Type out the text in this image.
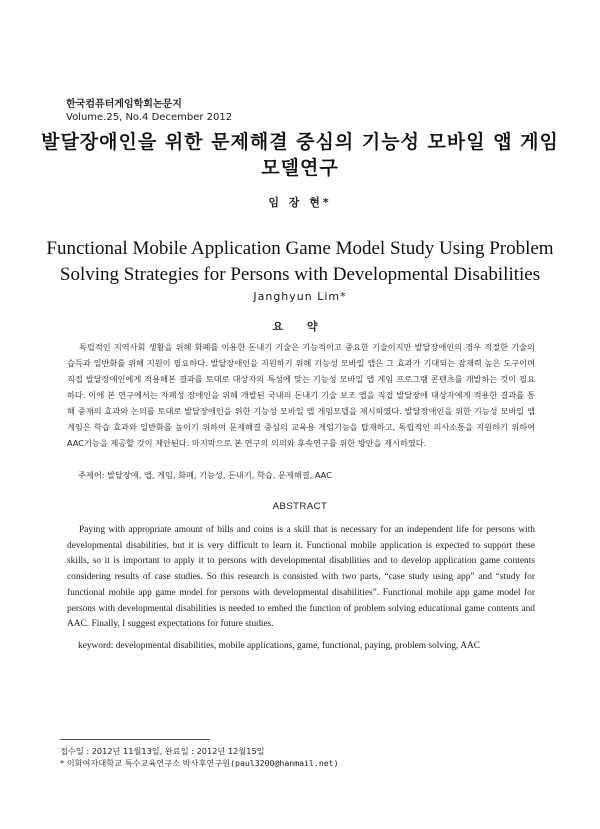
한국컴퓨터게임학회논문지
Volume.25, No.4 December 2012
발달장애인을 위한 문제해결 중심의 기능성 모바일 앱 게임모델연구
임 장 현*
Functional Mobile Application Game Model Study Using Problem Solving Strategies for Persons with Developmental Disabilities
Janghyun Lim*
요 약
독립적인 지역사회 생활을 위해 화폐를 이용한 돈내기 기술은 기능적이고 중요한 기술이지만 발달장애인의 경우 적절한 기술의 습득과 일반화를 위해 지원이 필요하다. 발달장애인을 지원하기 위해 기능성 모바일 앱은 그 효과가 기대되는 잠재력 높은 도구이며 직접 발달장애인에게 적용해본 결과를 토대로 대상자의 특성에 맞는 기능성 모바일 앱 게임 프로그램 콘텐츠를 개발하는 것이 필요하다. 이에 본 연구에서는 자폐성 장애인을 위해 개발된 국내의 돈내기 기술 보조 앱을 직접 발달장애 대상자에게 적용한 결과를 통해 중재의 효과와 논의를 토대로 발달장애인을 위한 기능성 모바일 앱 게임모델을 제시하였다. 발달장애인을 위한 기능성 모바일 앱 게임은 학습 효과와 일반화를 높이기 위하여 문제해결 중심의 교육용 게임기능을 탑재하고, 독립적인 의사소통을 지원하기 위하여 AAC기능을 제공할 것이 제안된다. 마지막으로 본 연구의 의의와 후속연구를 위한 방안을 제시하였다.
주제어: 발달장애, 앱, 게임, 화폐, 기능성, 돈내기, 학습, 문제해결, AAC
ABSTRACT
Paying with appropriate amount of bills and coins is a skill that is necessary for an independent life for persons with developmental disabilities, but it is very difficult to learn it. Functional mobile application is expected to support these skills, so it is important to apply it to persons with developmental disabilities and to develop application game contents considering results of case studies. So this research is consisted with two parts, “case study using app” and “study for functional mobile app game model for persons with developmental disabilities”. Functional mobile app game model for persons with developmental disabilities is needed to embed the function of problem solving educational game contents and AAC. Finally, I suggest expectations for future studies.
keyword: developmental disabilities, mobile applications, game, functional, paying, problem solving, AAC
접수일 : 2012년 11월13일, 완료일 : 2012년 12월15일
* 이화여자대학교 특수교육연구소 박사후연구원(paul3200@hanmail.net)
